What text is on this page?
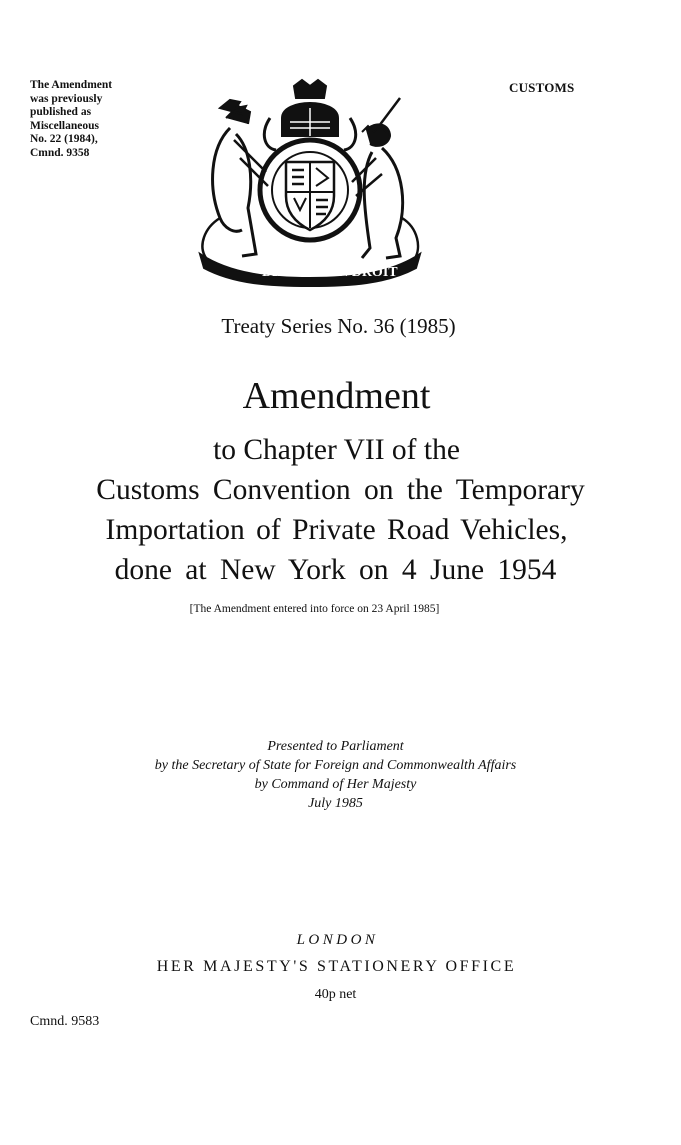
The Amendment
was previously
published as
Miscellaneous
No. 22 (1984),
Cmnd. 9358
CUSTOMS
DIEU ET
MON DROIT
Treaty Series No. 36 (1985)
Amendment
to Chapter VII of the
Customs Convention on the Temporary
Importation of Private Road Vehicles,
done at New York on 4 June 1954
[The Amendment entered into force on 23 April 1985]
Presented to Parliament
by the Secretary of State for Foreign and Commonwealth Affairs
by Command of Her Majesty
July 1985
LONDON
HER MAJESTY'S STATIONERY OFFICE
40p net
Cmnd. 9583
